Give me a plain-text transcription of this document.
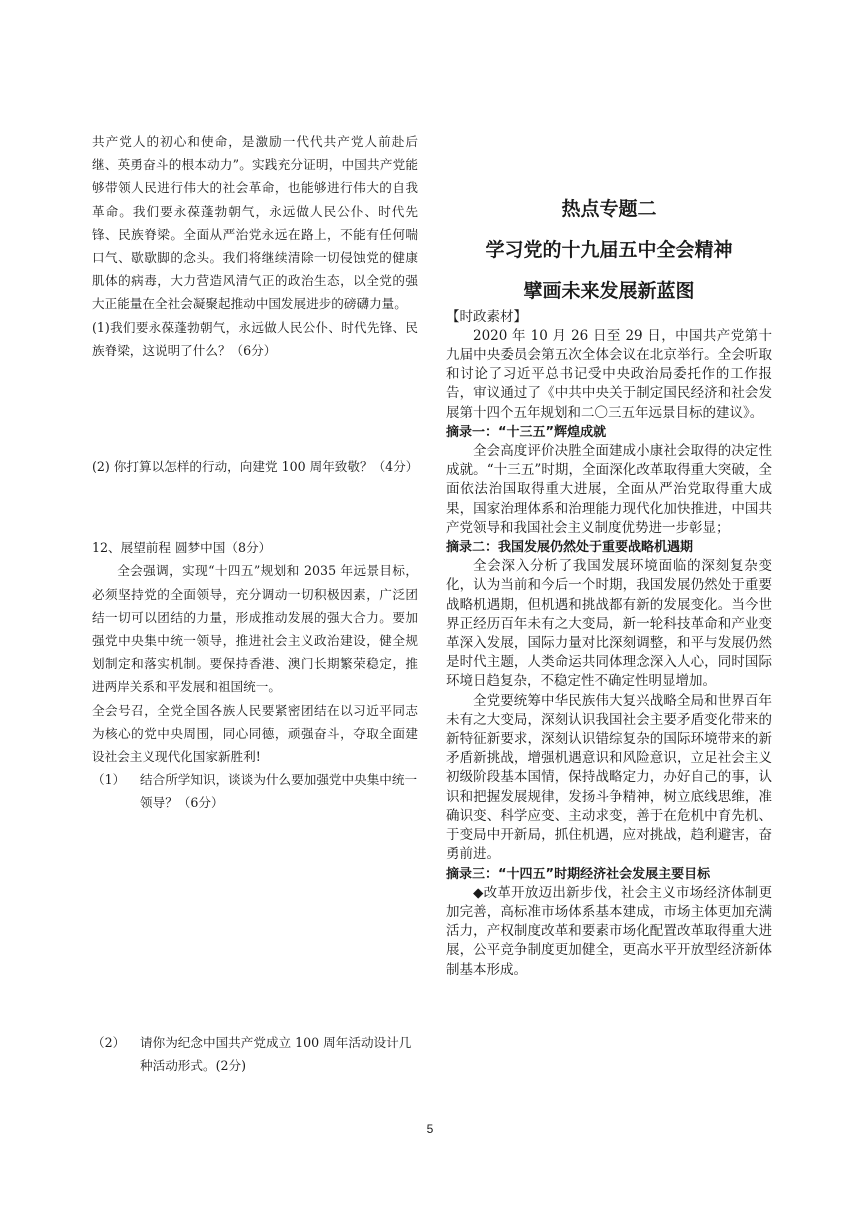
共产党人的初心和使命，是激励一代代共产党人前赴后继、英勇奋斗的根本动力”。实践充分证明，中国共产党能够带领人民进行伟大的社会革命，也能够进行伟大的自我革命。我们要永葆蓬勃朝气，永远做人民公仆、时代先锋、民族脊梁。全面从严治党永远在路上，不能有任何喘口气、歇歇脚的念头。我们将继续清除一切侵蚀党的健康肌体的病毒，大力营造风清气正的政治生态，以全党的强大正能量在全社会凝聚起推动中国发展进步的磅礴力量。

(1)我们要永葆蓬勃朝气，永远做人民公仆、时代先锋、民族脊梁，这说明了什么？（6分）

(2) 你打算以怎样的行动，向建党 100 周年致敬？（4分）

12、展望前程 圆梦中国（8分）

全会强调，实现“十四五”规划和 2035 年远景目标，必须坚持党的全面领导，充分调动一切积极因素，广泛团结一切可以团结的力量，形成推动发展的强大合力。要加强党中央集中统一领导，推进社会主义政治建设，健全规划制定和落实机制。要保持香港、澳门长期繁荣稳定，推进两岸关系和平发展和祖国统一。

全会号召，全党全国各族人民要紧密团结在以习近平同志为核心的党中央周围，同心同德，顽强奋斗，夺取全面建设社会主义现代化国家新胜利!

（1）	结合所学知识，谈谈为什么要加强党中央集中统一领导？（6分）
（2）	请你为纪念中国共产党成立 100 周年活动设计几种活动形式。(2分)
热点专题二
学习党的十九届五中全会精神
擘画未来发展新蓝图

【时政素材】

2020 年 10 月 26 日至 29 日，中国共产党第十九届中央委员会第五次全体会议在北京举行。全会听取和讨论了习近平总书记受中央政治局委托作的工作报告，审议通过了《中共中央关于制定国民经济和社会发展第十四个五年规划和二〇三五年远景目标的建议》。

摘录一：“十三五”辉煌成就

全会高度评价决胜全面建成小康社会取得的决定性成就。“十三五”时期，全面深化改革取得重大突破，全面依法治国取得重大进展，全面从严治党取得重大成果，国家治理体系和治理能力现代化加快推进，中国共产党领导和我国社会主义制度优势进一步彰显；

摘录二：我国发展仍然处于重要战略机遇期

全会深入分析了我国发展环境面临的深刻复杂变化，认为当前和今后一个时期，我国发展仍然处于重要战略机遇期，但机遇和挑战都有新的发展变化。当今世界正经历百年未有之大变局，新一轮科技革命和产业变革深入发展，国际力量对比深刻调整，和平与发展仍然是时代主题，人类命运共同体理念深入人心，同时国际环境日趋复杂，不稳定性不确定性明显增加。

全党要统筹中华民族伟大复兴战略全局和世界百年未有之大变局，深刻认识我国社会主要矛盾变化带来的新特征新要求，深刻认识错综复杂的国际环境带来的新矛盾新挑战，增强机遇意识和风险意识，立足社会主义初级阶段基本国情，保持战略定力，办好自己的事，认识和把握发展规律，发扬斗争精神，树立底线思维，准确识变、科学应变、主动求变，善于在危机中育先机、于变局中开新局，抓住机遇，应对挑战，趋利避害，奋勇前进。

摘录三：“十四五”时期经济社会发展主要目标

◆改革开放迈出新步伐，社会主义市场经济体制更加完善，高标准市场体系基本建成，市场主体更加充满活力，产权制度改革和要素市场化配置改革取得重大进展，公平竞争制度更加健全，更高水平开放型经济新体制基本形成。

5
